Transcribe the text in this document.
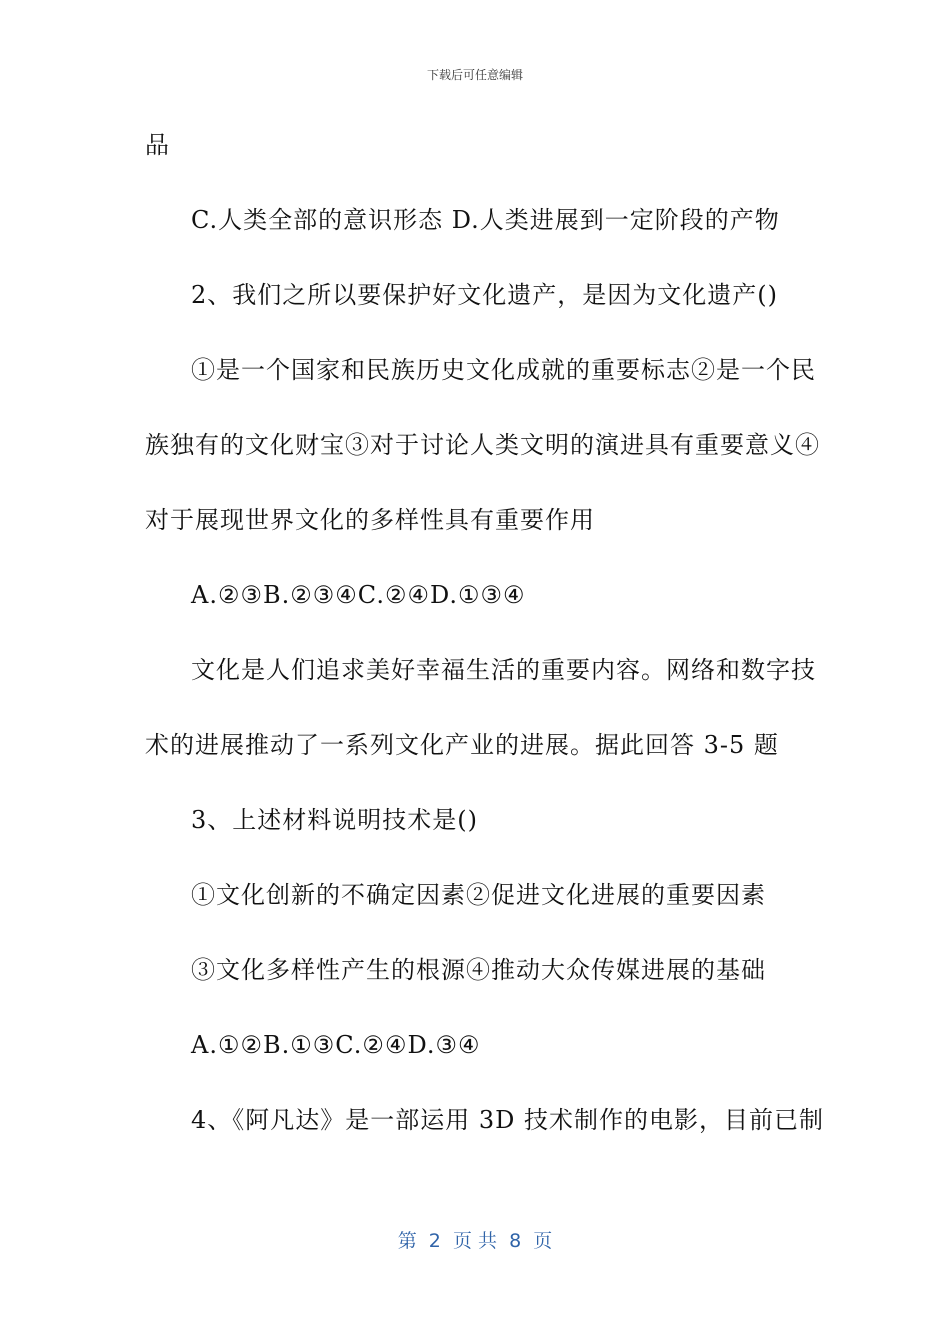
下载后可任意编辑
品
C.人类全部的意识形态 D.人类进展到一定阶段的产物
2、我们之所以要保护好文化遗产，是因为文化遗产()
①是一个国家和民族历史文化成就的重要标志②是一个民
族独有的文化财宝③对于讨论人类文明的演进具有重要意义④
对于展现世界文化的多样性具有重要作用
A.②③B.②③④C.②④D.①③④
文化是人们追求美好幸福生活的重要内容。网络和数字技
术的进展推动了一系列文化产业的进展。据此回答 3-5 题
3、上述材料说明技术是()
①文化创新的不确定因素②促进文化进展的重要因素
③文化多样性产生的根源④推动大众传媒进展的基础
A.①②B.①③C.②④D.③④
4、《阿凡达》是一部运用 3D 技术制作的电影，目前已制
第  2  页 共  8  页
